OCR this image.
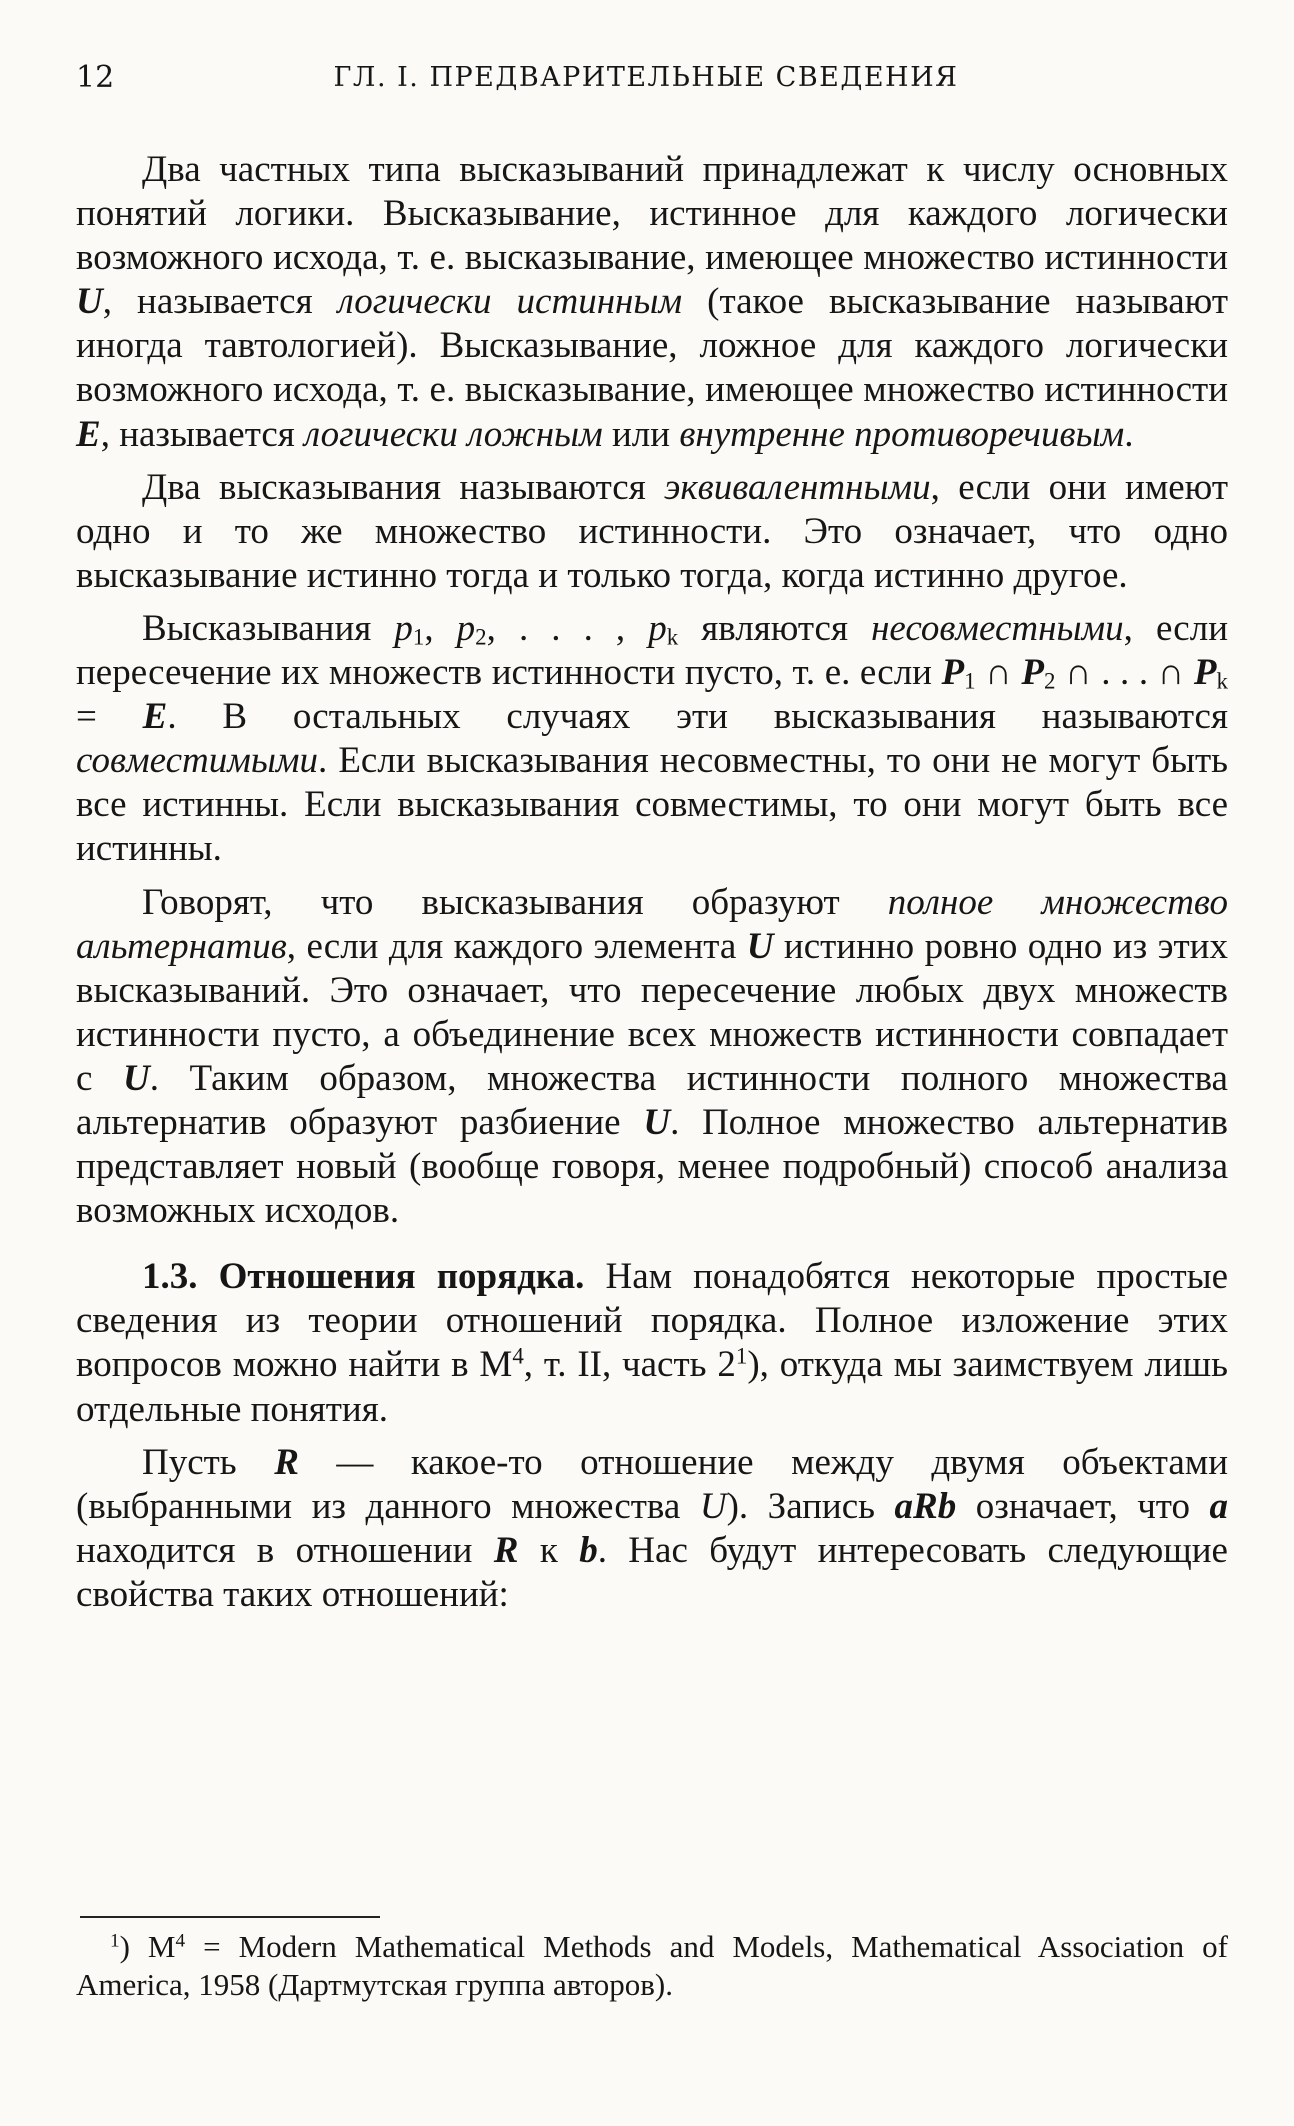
12	ГЛ. I. ПРЕДВАРИТЕЛЬНЫЕ СВЕДЕНИЯ

Два частных типа высказываний принадлежат к числу основных понятий логики. Высказывание, истинное для каждого логически возможного исхода, т. е. высказывание, имеющее множество истинности U, называется логически истинным (такое высказывание называют иногда тавтологией). Высказывание, ложное для каждого логически возможного исхода, т. е. высказывание, имеющее множество истинности E, называется логически ложным или внутренне противоречивым.

Два высказывания называются эквивалентными, если они имеют одно и то же множество истинности. Это означает, что одно высказывание истинно тогда и только тогда, когда истинно другое.

Высказывания $p_1$, $p_2$, . . . , $p_k$ являются несовместными, если пересечение их множеств истинности пусто, т. е. если $P_1$ ∩ $P_2$ ∩ . . . ∩ $P_k = E$. В остальных случаях эти высказывания называются совместимыми. Если высказывания несовместны, то они не могут быть все истинны. Если высказывания совместимы, то они могут быть все истинны.

Говорят, что высказывания образуют полное множество альтернатив, если для каждого элемента U истинно ровно одно из этих высказываний. Это означает, что пересечение любых двух множеств истинности пусто, а объединение всех множеств истинности совпадает с U. Таким образом, множества истинности полного множества альтернатив образуют разбиение U. Полное множество альтернатив представляет новый (вообще говоря, менее подробный) способ анализа возможных исходов.

1.3. Отношения порядка. Нам понадобятся некоторые простые сведения из теории отношений порядка. Полное изложение этих вопросов можно найти в $M^4$, т. II, часть $2^1$), откуда мы заимствуем лишь отдельные понятия.

Пусть R — какое-то отношение между двумя объектами (выбранными из данного множества U). Запись aRb означает, что a находится в отношении R к b. Нас будут интересовать следующие свойства таких отношений:

$^1$) $M^4$ = Modern Mathematical Methods and Models, Mathematical Association of America, 1958 (Дартмутская группа авторов).
